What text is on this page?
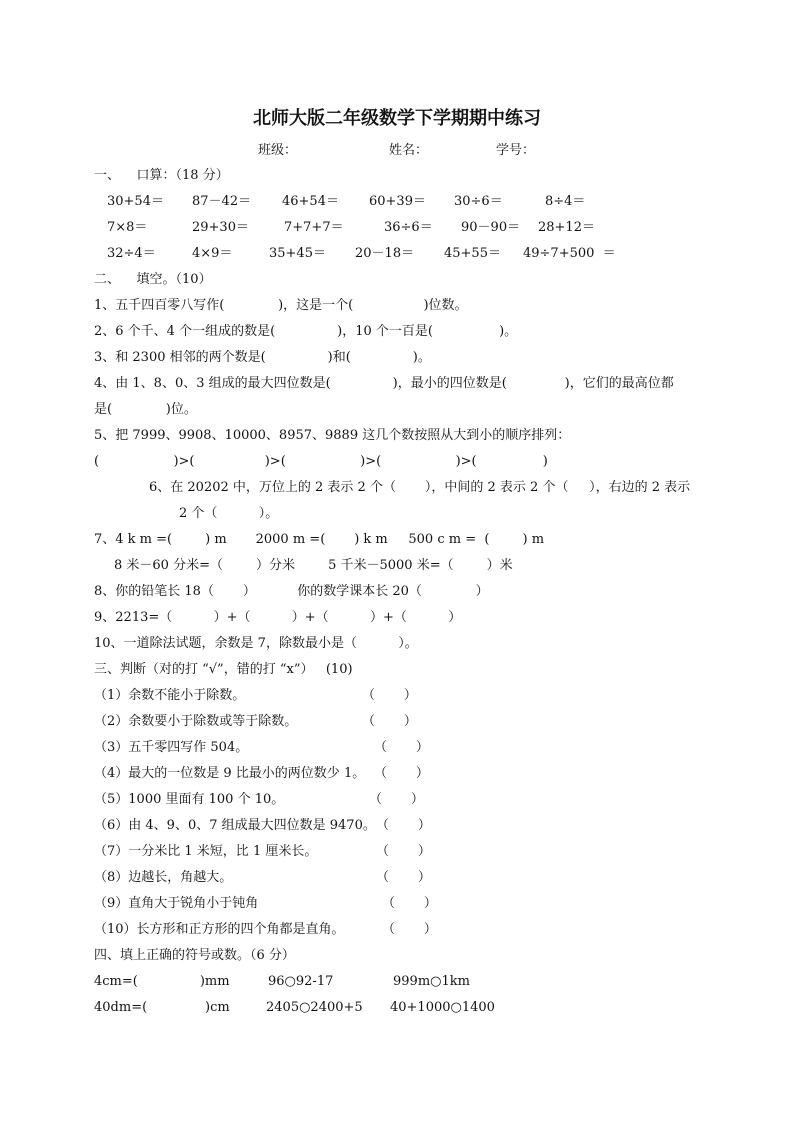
北师大版二年级数学下学期期中练习
班级：	姓名：	学号：
一、    口算：（18 分）
30+54＝ 87－42＝ 46+54＝ 60+39＝ 30÷6＝	8÷4＝
7×8＝	29+30＝	7+7+7＝	36÷6＝ 90－90＝ 28+12＝
32÷4＝	4×9＝	35+45＝ 20－18＝ 45+55＝ 49÷7+500  ＝
二、    填空。（10）
1、五千四百零八写作(             )，这是一个(                 )位数。
2、6 个千、4 个一组成的数是(               )，10 个一百是(                )。
3、和 2300 相邻的两个数是(               )和(               )。
4、由 1、8、0、3 组成的最大四位数是(               )，最小的四位数是(              )，它们的最高位都
是(             )位。
5、把 7999、9908、10000、8957、9889 这几个数按照从大到小的顺序排列：
(                  )>(                 )>(                  )>(                  )>(                )
6、在 20202 中，万位上的 2 表示 2 个（       ），中间的 2 表示 2 个（     ），右边的 2 表示
2 个（          ）。
7、4 k m =(        ) m       2000 m =(       ) k m     500 c m =  (        ) m
8 米－60 分米=（        ）分米        5 千米－5000 米=（        ）米
8、你的铅笔长 18（       ）          你的数学课本长 20（             ）
9、2213=（          ）+（          ）+（          ）+（          ）
10、一道除法试题，余数是 7，除数最小是（          ）。
三、判断（对的打 “√”，错的打 “x”）   (10)
（1）余数不能小于除数。	（       ）
（2）余数要小于除数或等于除数。	（       ）
（3）五千零四写作 504。	（       ）
（4）最大的一位数是 9 比最小的两位数少 1。 （       ）
（5）1000 里面有 100 个 10。	（       ）
（6）由 4、9、0、7 组成最大四位数是 9470。 （       ）
（7）一分米比 1 米短，比 1 厘米长。	（       ）
（8）边越长，角越大。	（       ）
（9）直角大于锐角小于钝角	（       ）
（10）长方形和正方形的四个角都是直角。	（       ）
四、填上正确的符号或数。（6 分）
4cm=(               )mm	96○92-17	999m○1km
40dm=(              )cm	2405○2400+5 40+1000○1400
